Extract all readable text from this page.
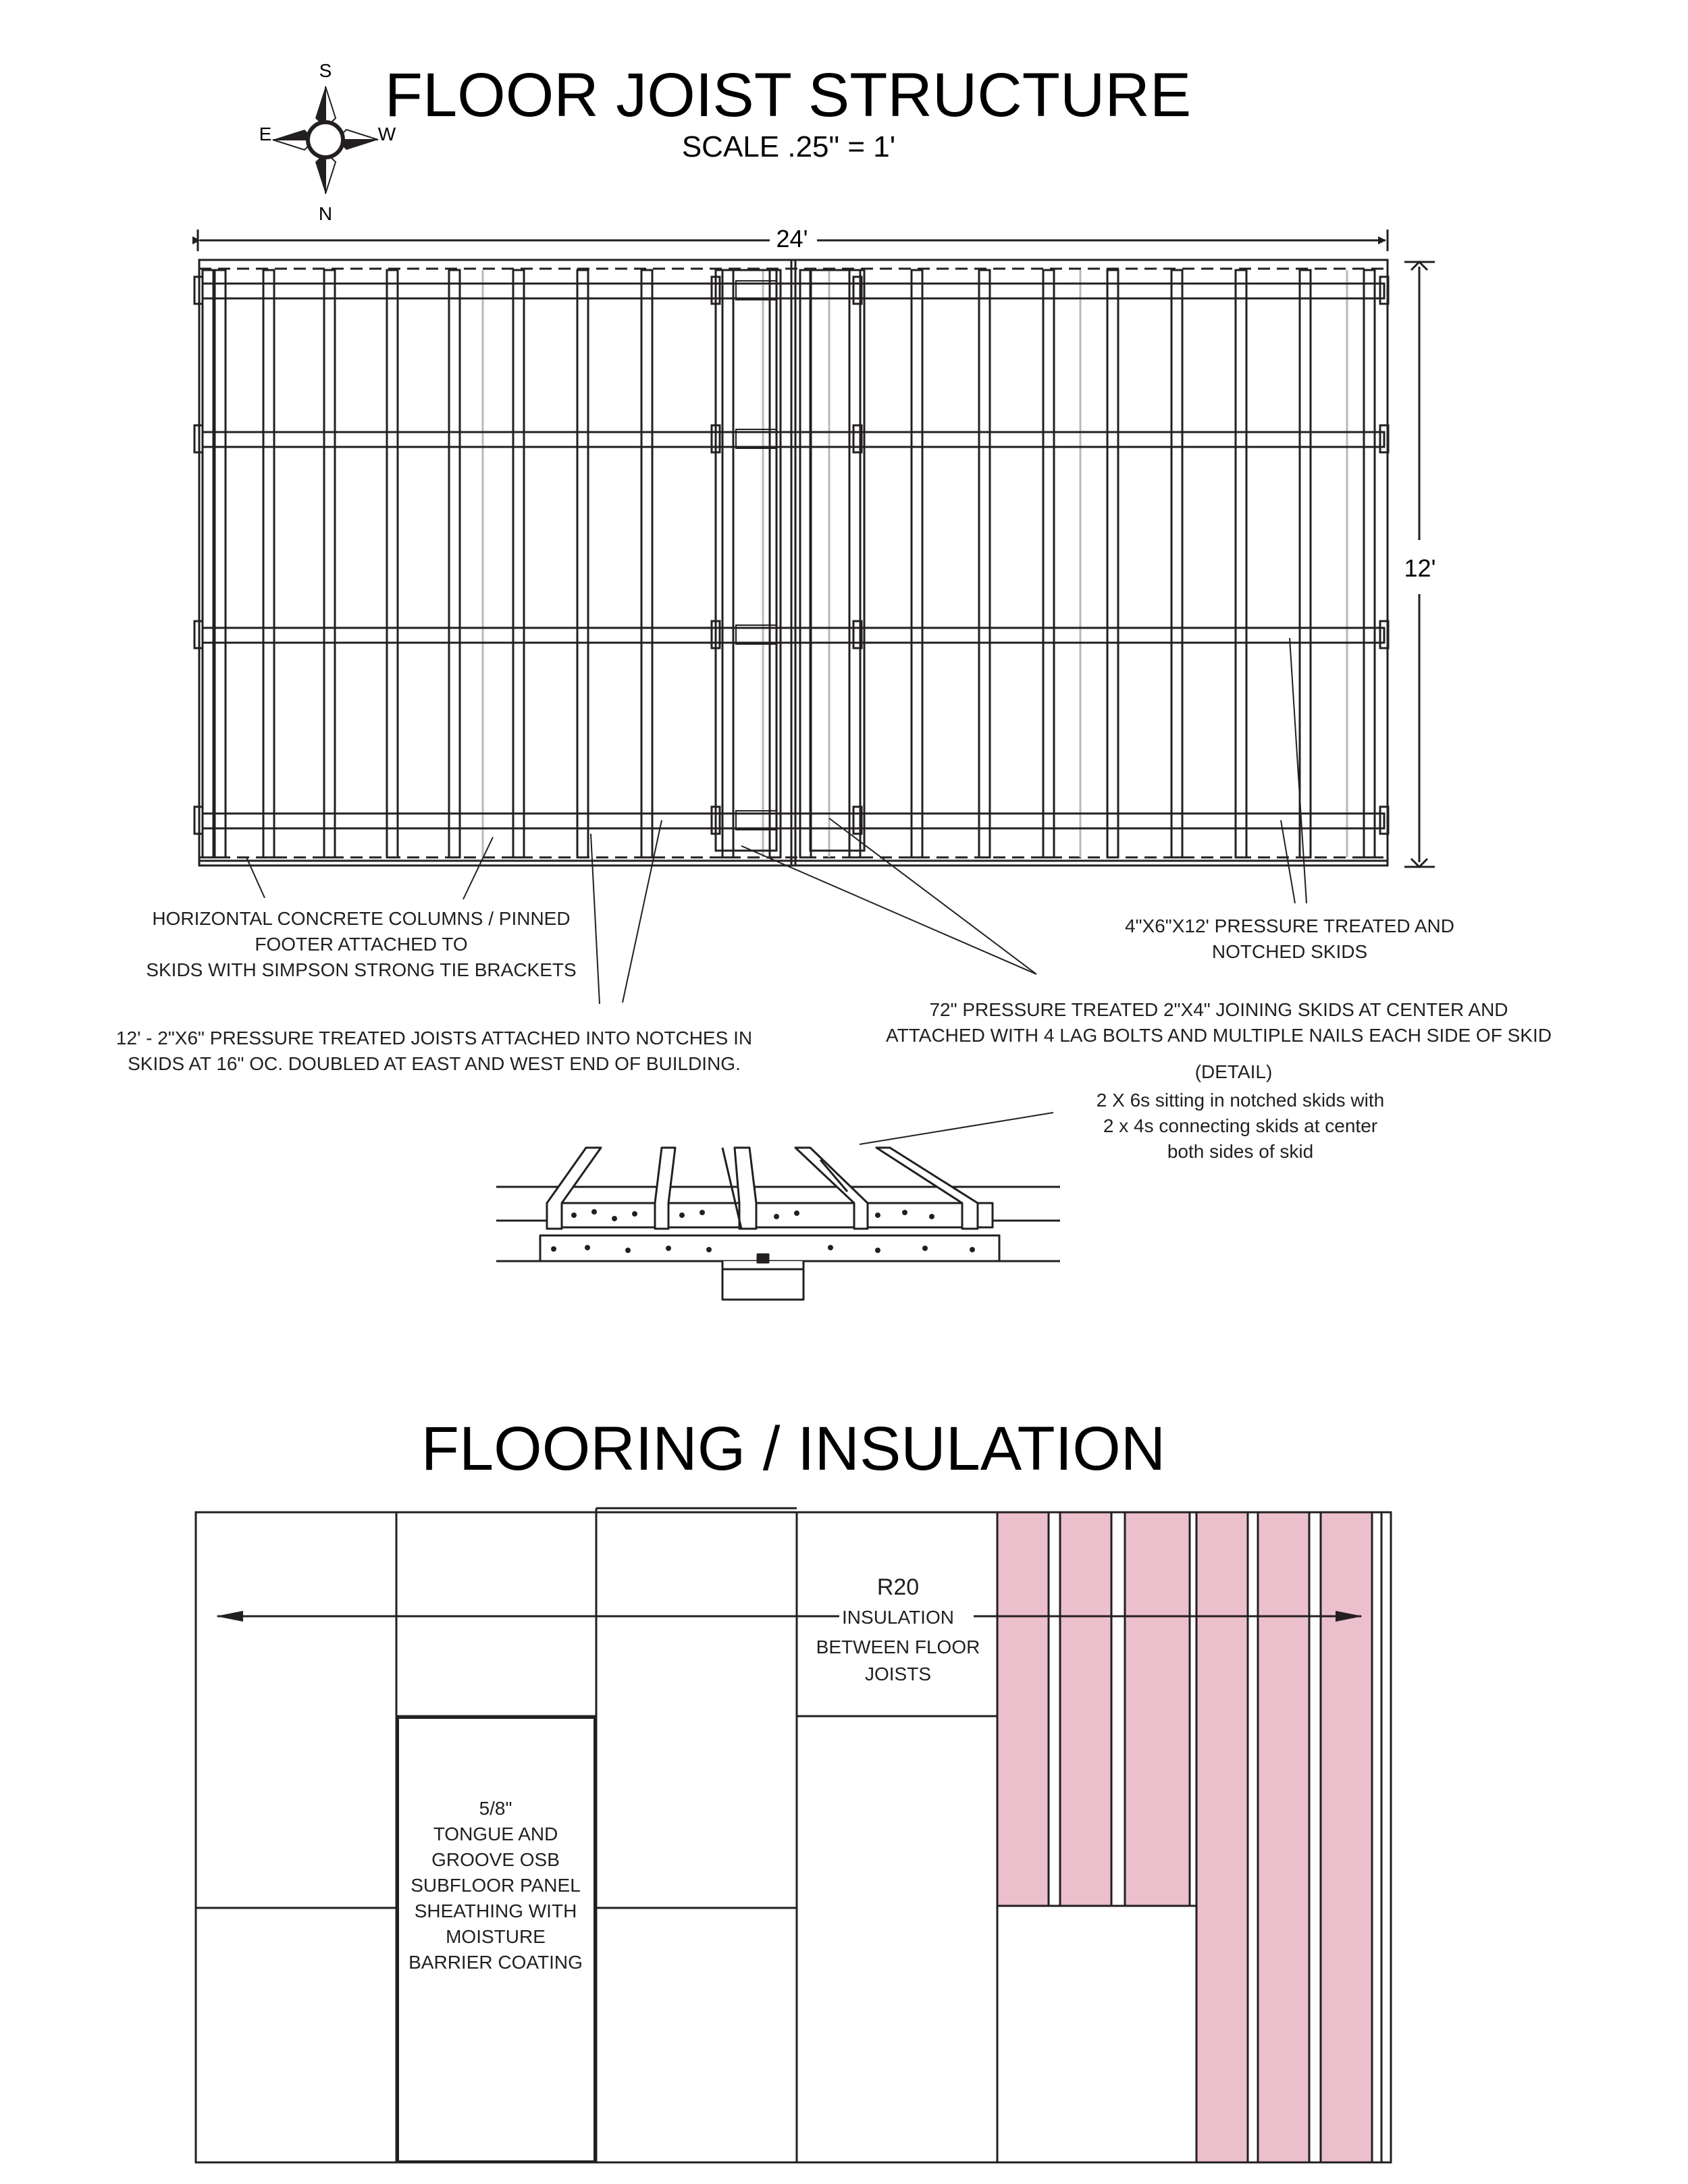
FLOOR JOIST STRUCTURE
SCALE .25" = 1'
S
N
E	W
24'
12'
HORIZONTAL CONCRETE COLUMNS / PINNED
FOOTER ATTACHED TO
SKIDS WITH SIMPSON STRONG TIE BRACKETS
4"X6"X12' PRESSURE TREATED AND
NOTCHED SKIDS
72" PRESSURE TREATED 2"X4" JOINING SKIDS AT CENTER AND
ATTACHED WITH 4 LAG BOLTS AND MULTIPLE NAILS EACH SIDE OF SKID
12' - 2"X6" PRESSURE TREATED JOISTS ATTACHED INTO NOTCHES IN
SKIDS AT 16" OC. DOUBLED AT EAST AND WEST END OF BUILDING.	(DETAIL)
2 X 6s sitting in notched skids with
2 x 4s connecting skids at center
both sides of skid
FLOORING / INSULATION
R20
INSULATION
BETWEEN FLOOR
JOISTS
5/8"
TONGUE AND
GROOVE OSB
SUBFLOOR PANEL
SHEATHING WITH
MOISTURE
BARRIER COATING
